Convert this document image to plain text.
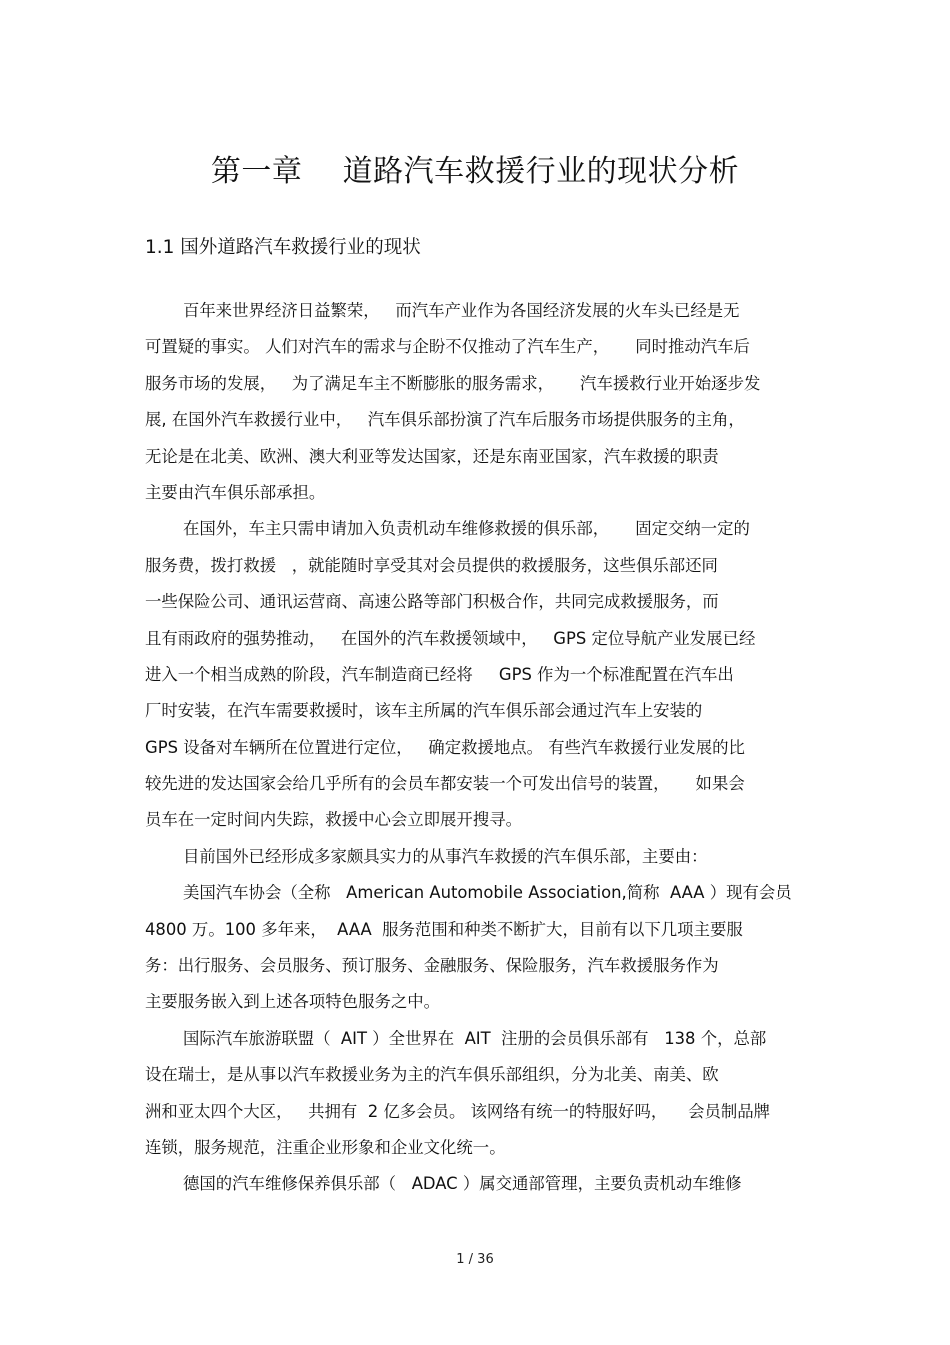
第一章    道路汽车救援行业的现状分析
1.1 国外道路汽车救援行业的现状
百年来世界经济日益繁荣，   而汽车产业作为各国经济发展的火车头已经是无
可置疑的事实。 人们对汽车的需求与企盼不仅推动了汽车生产，     同时推动汽车后
服务市场的发展，   为了满足车主不断膨胀的服务需求，     汽车援救行业开始逐步发
展, 在国外汽车救援行业中，   汽车俱乐部扮演了汽车后服务市场提供服务的主角，
无论是在北美、欧洲、澳大利亚等发达国家，还是东南亚国家，汽车救援的职责
主要由汽车俱乐部承担。
在国外，车主只需申请加入负责机动车维修救援的俱乐部，     固定交纳一定的
服务费，拨打救援   ，就能随时享受其对会员提供的救援服务，这些俱乐部还同
一些保险公司、通讯运营商、高速公路等部门积极合作，共同完成救援服务，而
且有雨政府的强势推动，   在国外的汽车救援领域中，   GPS 定位导航产业发展已经
进入一个相当成熟的阶段，汽车制造商已经将     GPS 作为一个标准配置在汽车出
厂时安装，在汽车需要救援时，该车主所属的汽车俱乐部会通过汽车上安装的
GPS 设备对车辆所在位置进行定位，   确定救援地点。 有些汽车救援行业发展的比
较先进的发达国家会给几乎所有的会员车都安装一个可发出信号的装置，     如果会
员车在一定时间内失踪，救援中心会立即展开搜寻。
目前国外已经形成多家颇具实力的从事汽车救援的汽车俱乐部，主要由：
美国汽车协会（全称   American Automobile Association,简称  AAA ）现有会员
4800 万。100 多年来，  AAA  服务范围和种类不断扩大，目前有以下几项主要服
务：出行服务、会员服务、预订服务、金融服务、保险服务，汽车救援服务作为
主要服务嵌入到上述各项特色服务之中。
国际汽车旅游联盟（  AIT ）全世界在  AIT  注册的会员俱乐部有   138 个，总部
设在瑞士，是从事以汽车救援业务为主的汽车俱乐部组织，分为北美、南美、欧
洲和亚太四个大区，   共拥有  2 亿多会员。 该网络有统一的特服好吗，    会员制品牌
连锁，服务规范，注重企业形象和企业文化统一。
德国的汽车维修保养俱乐部（   ADAC ）属交通部管理，主要负责机动车维修
1 / 36
